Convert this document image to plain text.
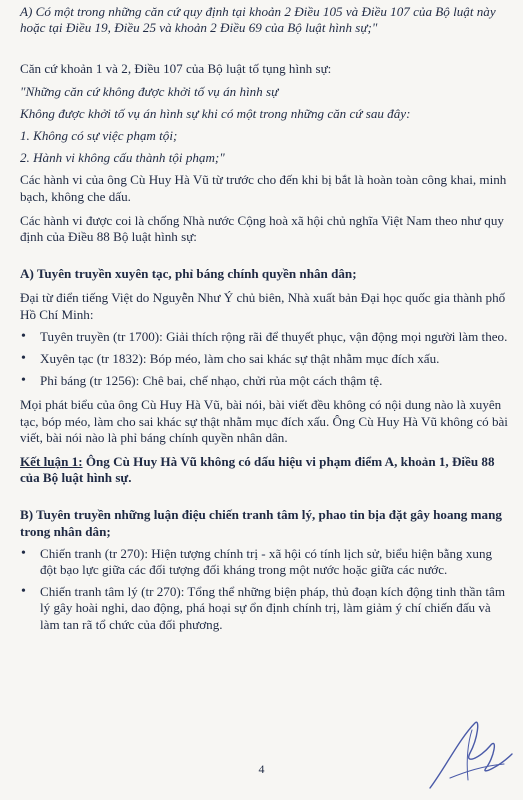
A) Có một trong những căn cứ quy định tại khoản 2 Điều 105 và Điều 107 của Bộ luật này hoặc tại Điều 19, Điều 25 và khoản 2 Điều 69 của Bộ luật hình sự;"

Căn cứ khoản 1 và 2, Điều 107 của Bộ luật tố tụng hình sự:

"Những căn cứ không được khởi tố vụ án hình sự

Không được khởi tố vụ án hình sự khi có một trong những căn cứ sau đây:

1. Không có sự việc phạm tội;

2. Hành vi không cấu thành tội phạm;"

Các hành vi của ông Cù Huy Hà Vũ từ trước cho đến khi bị bắt là hoàn toàn công khai, minh bạch, không che dấu.

Các hành vi được coi là chống Nhà nước Cộng hoà xã hội chủ nghĩa Việt Nam theo như quy định của Điều 88 Bộ luật hình sự:

A) Tuyên truyền xuyên tạc, phỉ báng chính quyền nhân dân;

Đại từ điển tiếng Việt do Nguyễn Như Ý chủ biên, Nhà xuất bản Đại học quốc gia thành phố Hồ Chí Minh:

• Tuyên truyền (tr 1700): Giải thích rộng rãi để thuyết phục, vận động mọi người làm theo.
• Xuyên tạc (tr 1832): Bóp méo, làm cho sai khác sự thật nhằm mục đích xấu.
• Phỉ báng (tr 1256): Chê bai, chế nhạo, chửi rủa một cách thậm tệ.

Mọi phát biểu của ông Cù Huy Hà Vũ, bài nói, bài viết đều không có nội dung nào là xuyên tạc, bóp méo, làm cho sai khác sự thật nhằm mục đích xấu. Ông Cù Huy Hà Vũ không có bài viết, bài nói nào là phỉ báng chính quyền nhân dân.

Kết luận 1: Ông Cù Huy Hà Vũ không có dấu hiệu vi phạm điểm A, khoản 1, Điều 88 của Bộ luật hình sự.

B) Tuyên truyền những luận điệu chiến tranh tâm lý, phao tin bịa đặt gây hoang mang trong nhân dân;

• Chiến tranh (tr 270): Hiện tượng chính trị - xã hội có tính lịch sử, biểu hiện bằng xung đột bạo lực giữa các đối tượng đối kháng trong một nước hoặc giữa các nước.
• Chiến tranh tâm lý (tr 270): Tổng thể những biện pháp, thủ đoạn kích động tinh thần tâm lý gây hoài nghi, dao động, phá hoại sự ổn định chính trị, làm giảm ý chí chiến đấu và làm tan rã tổ chức của đối phương.
4
